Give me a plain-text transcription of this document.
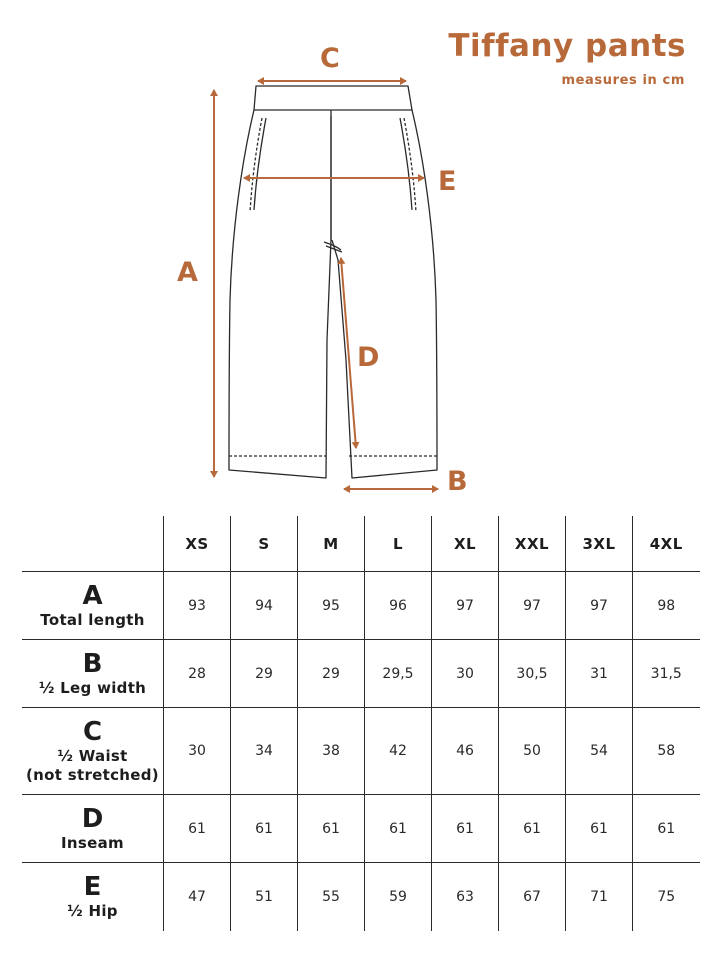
Tiffany pants
measures in cm
C
A
E
D
B
	XS	S	M	L	XL	XXL	3XL	4XL

A
Total length	93	94	95	96	97	97	97	98

B
½ Leg width	28	29	29	29,5	30	30,5	31	31,5

C
½ Waist
(not stretched)	30	34	38	42	46	50	54	58

D
Inseam	61	61	61	61	61	61	61	61

E
½ Hip	47	51	55	59	63	67	71	75
